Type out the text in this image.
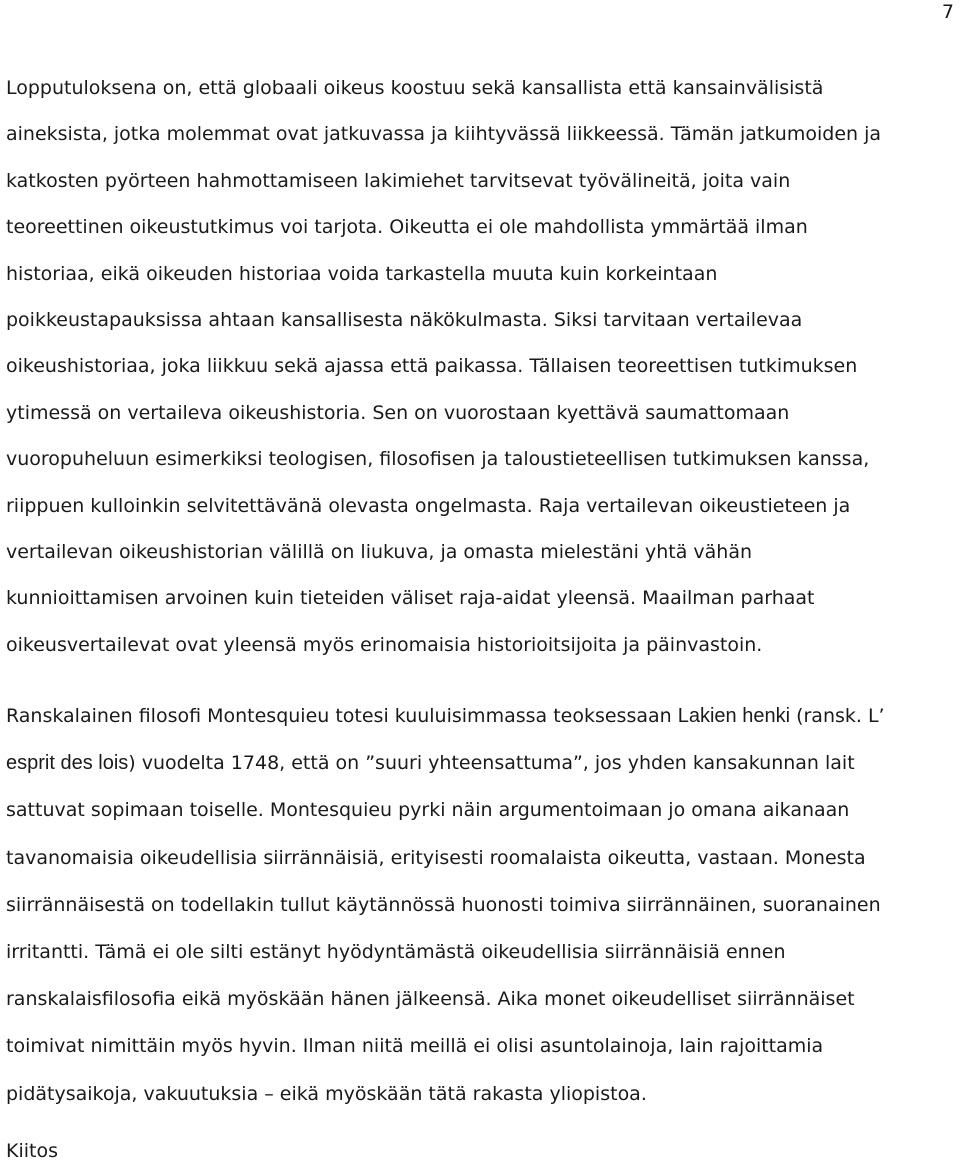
7
Lopputuloksena on, että globaali oikeus koostuu sekä kansallista että kansainvälisistä
aineksista, jotka molemmat ovat jatkuvassa ja kiihtyvässä liikkeessä. Tämän jatkumoiden ja
katkosten pyörteen hahmottamiseen lakimiehet tarvitsevat työvälineitä, joita vain
teoreettinen oikeustutkimus voi tarjota. Oikeutta ei ole mahdollista ymmärtää ilman
historiaa, eikä oikeuden historiaa voida tarkastella muuta kuin korkeintaan
poikkeustapauksissa ahtaan kansallisesta näkökulmasta. Siksi tarvitaan vertailevaa
oikeushistoriaa, joka liikkuu sekä ajassa että paikassa. Tällaisen teoreettisen tutkimuksen
ytimessä on vertaileva oikeushistoria. Sen on vuorostaan kyettävä saumattomaan
vuoropuheluun esimerkiksi teologisen, filosofisen ja taloustieteellisen tutkimuksen kanssa,
riippuen kulloinkin selvitettävänä olevasta ongelmasta. Raja vertailevan oikeustieteen ja
vertailevan oikeushistorian välillä on liukuva, ja omasta mielestäni yhtä vähän
kunnioittamisen arvoinen kuin tieteiden väliset raja-aidat yleensä. Maailman parhaat
oikeusvertailevat ovat yleensä myös erinomaisia historioitsijoita ja päinvastoin.
Ranskalainen filosofi Montesquieu totesi kuuluisimmassa teoksessaan Lakien henki (ransk. L’
esprit des lois) vuodelta 1748, että on ”suuri yhteensattuma”, jos yhden kansakunnan lait
sattuvat sopimaan toiselle. Montesquieu pyrki näin argumentoimaan jo omana aikanaan
tavanomaisia oikeudellisia siirrännäisiä, erityisesti roomalaista oikeutta, vastaan. Monesta
siirrännäisestä on todellakin tullut käytännössä huonosti toimiva siirrännäinen, suoranainen
irritantti. Tämä ei ole silti estänyt hyödyntämästä oikeudellisia siirrännäisiä ennen
ranskalaisfilosofia eikä myöskään hänen jälkeensä. Aika monet oikeudelliset siirrännäiset
toimivat nimittäin myös hyvin. Ilman niitä meillä ei olisi asuntolainoja, lain rajoittamia
pidätysaikoja, vakuutuksia – eikä myöskään tätä rakasta yliopistoa.
Kiitos
